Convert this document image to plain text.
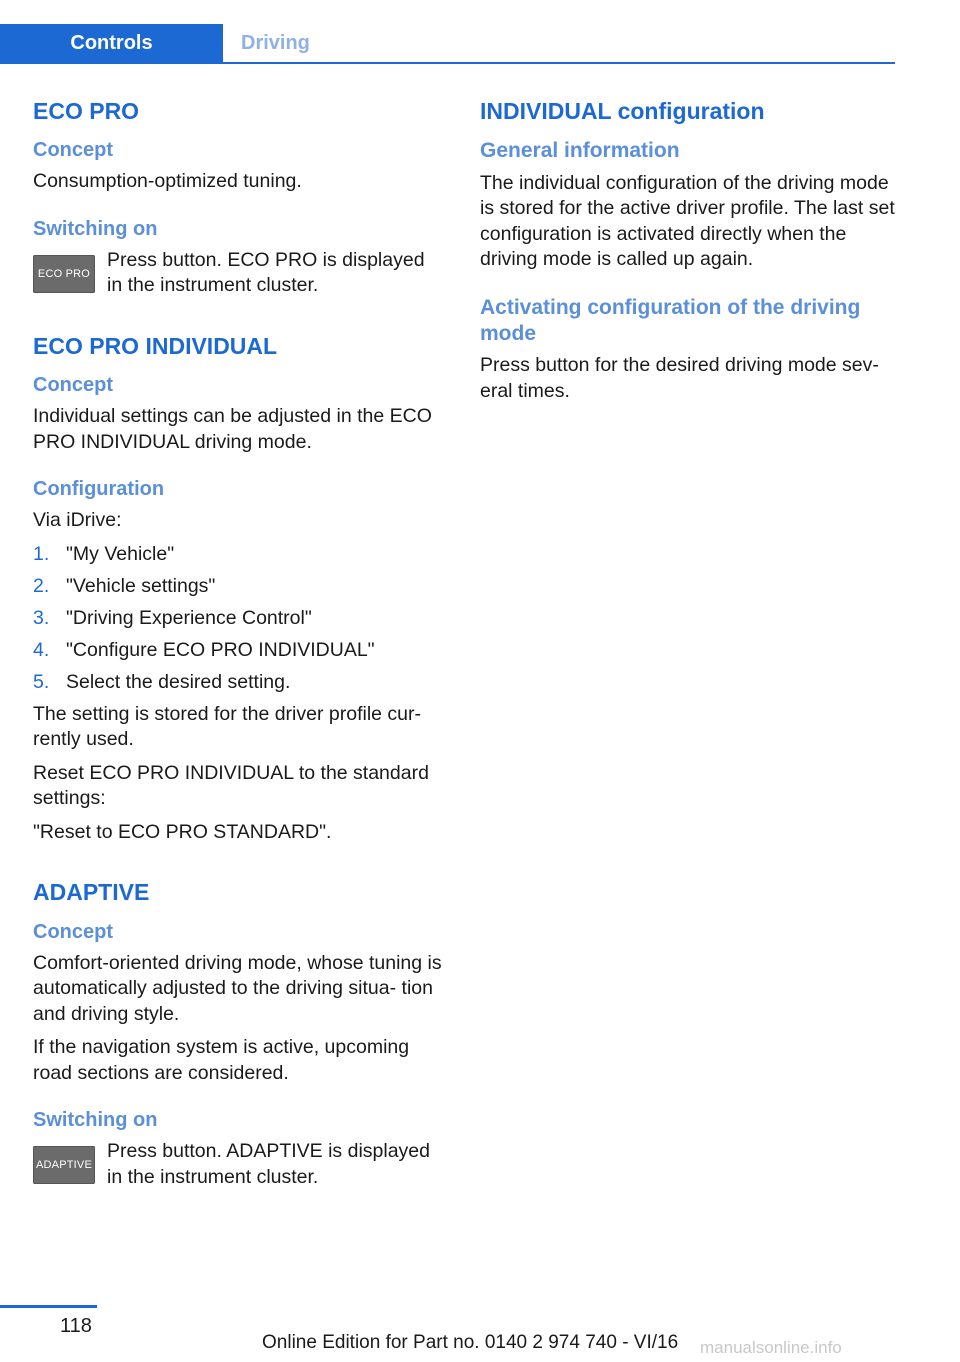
Controls	Driving
ECO PRO
Concept

Consumption-optimized tuning.

Switching on
ECO PRO
Press button. ECO PRO is displayed in the instrument cluster.
ECO PRO INDIVIDUAL
Concept

Individual settings can be adjusted in the ECO PRO INDIVIDUAL driving mode.

Configuration

Via iDrive:

1. "My Vehicle"
2. "Vehicle settings"
3. "Driving Experience Control"
4. "Configure ECO PRO INDIVIDUAL"
5. Select the desired setting.

The setting is stored for the driver profile cur‐ rently used.

Reset ECO PRO INDIVIDUAL to the standard settings:

"Reset to ECO PRO STANDARD".

ADAPTIVE
Concept

Comfort-oriented driving mode, whose tuning is automatically adjusted to the driving situa‐ tion and driving style.

If the navigation system is active, upcoming road sections are considered.

Switching on
ADAPTIVE
Press button. ADAPTIVE is displayed in the instrument cluster.
INDIVIDUAL configuration
General information

The individual configuration of the driving mode is stored for the active driver profile. The last set configuration is activated directly when the driving mode is called up again.

Activating configuration of the driving mode

Press button for the desired driving mode sev‐ eral times.

118
Online Edition for Part no. 0140 2 974 740 - VI/16 manualsonline.info
